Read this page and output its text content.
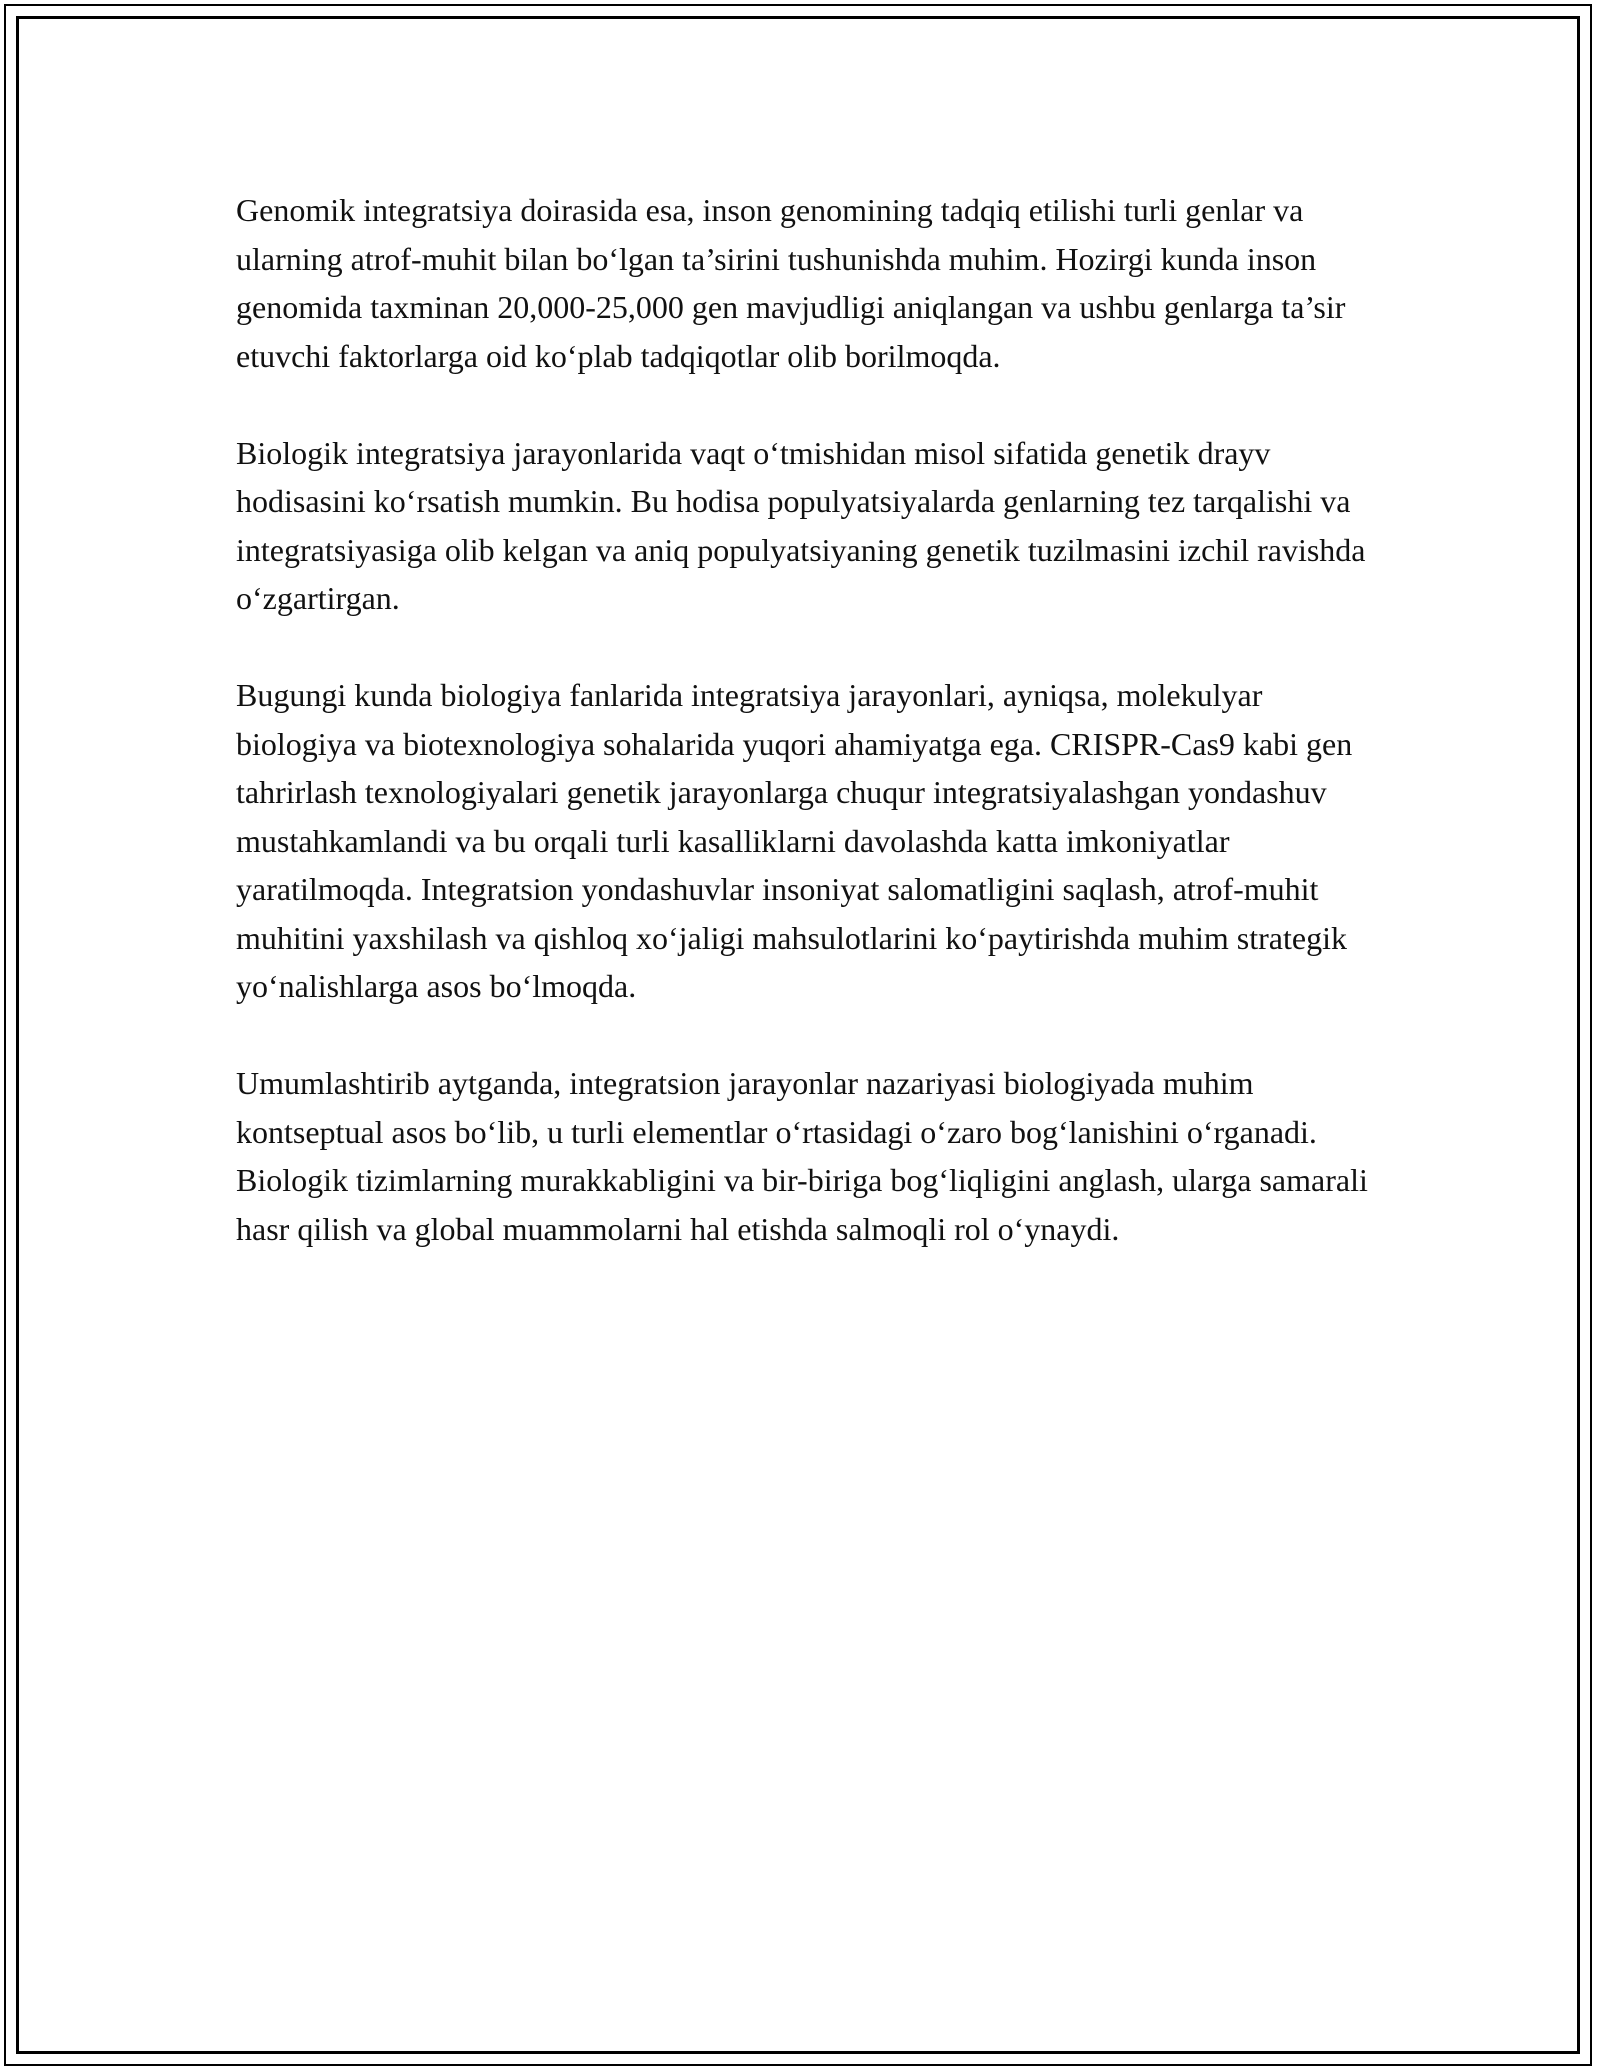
Genomik integratsiya doirasida esa, inson genomining tadqiq etilishi turli genlar va ularning atrof-muhit bilan bo‘lgan ta’sirini tushunishda muhim. Hozirgi kunda inson genomida taxminan 20,000-25,000 gen mavjudligi aniqlangan va ushbu genlarga ta’sir etuvchi faktorlarga oid ko‘plab tadqiqotlar olib borilmoqda.

Biologik integratsiya jarayonlarida vaqt o‘tmishidan misol sifatida genetik drayv hodisasini ko‘rsatish mumkin. Bu hodisa populyatsiyalarda genlarning tez tarqalishi va integratsiyasiga olib kelgan va aniq populyatsiyaning genetik tuzilmasini izchil ravishda o‘zgartirgan.

Bugungi kunda biologiya fanlarida integratsiya jarayonlari, ayniqsa, molekulyar biologiya va biotexnologiya sohalarida yuqori ahamiyatga ega. CRISPR-Cas9 kabi gen tahrirlash texnologiyalari genetik jarayonlarga chuqur integratsiyalashgan yondashuv mustahkamlandi va bu orqali turli kasalliklarni davolashda katta imkoniyatlar yaratilmoqda. Integratsion yondashuvlar insoniyat salomatligini saqlash, atrof-muhit muhitini yaxshilash va qishloq xo‘jaligi mahsulotlarini ko‘paytirishda muhim strategik yo‘nalishlarga asos bo‘lmoqda.

Umumlashtirib aytganda, integratsion jarayonlar nazariyasi biologiyada muhim kontseptual asos bo‘lib, u turli elementlar o‘rtasidagi o‘zaro bog‘lanishini o‘rganadi. Biologik tizimlarning murakkabligini va bir-biriga bog‘liqligini anglash, ularga samarali hasr qilish va global muammolarni hal etishda salmoqli rol o‘ynaydi.
